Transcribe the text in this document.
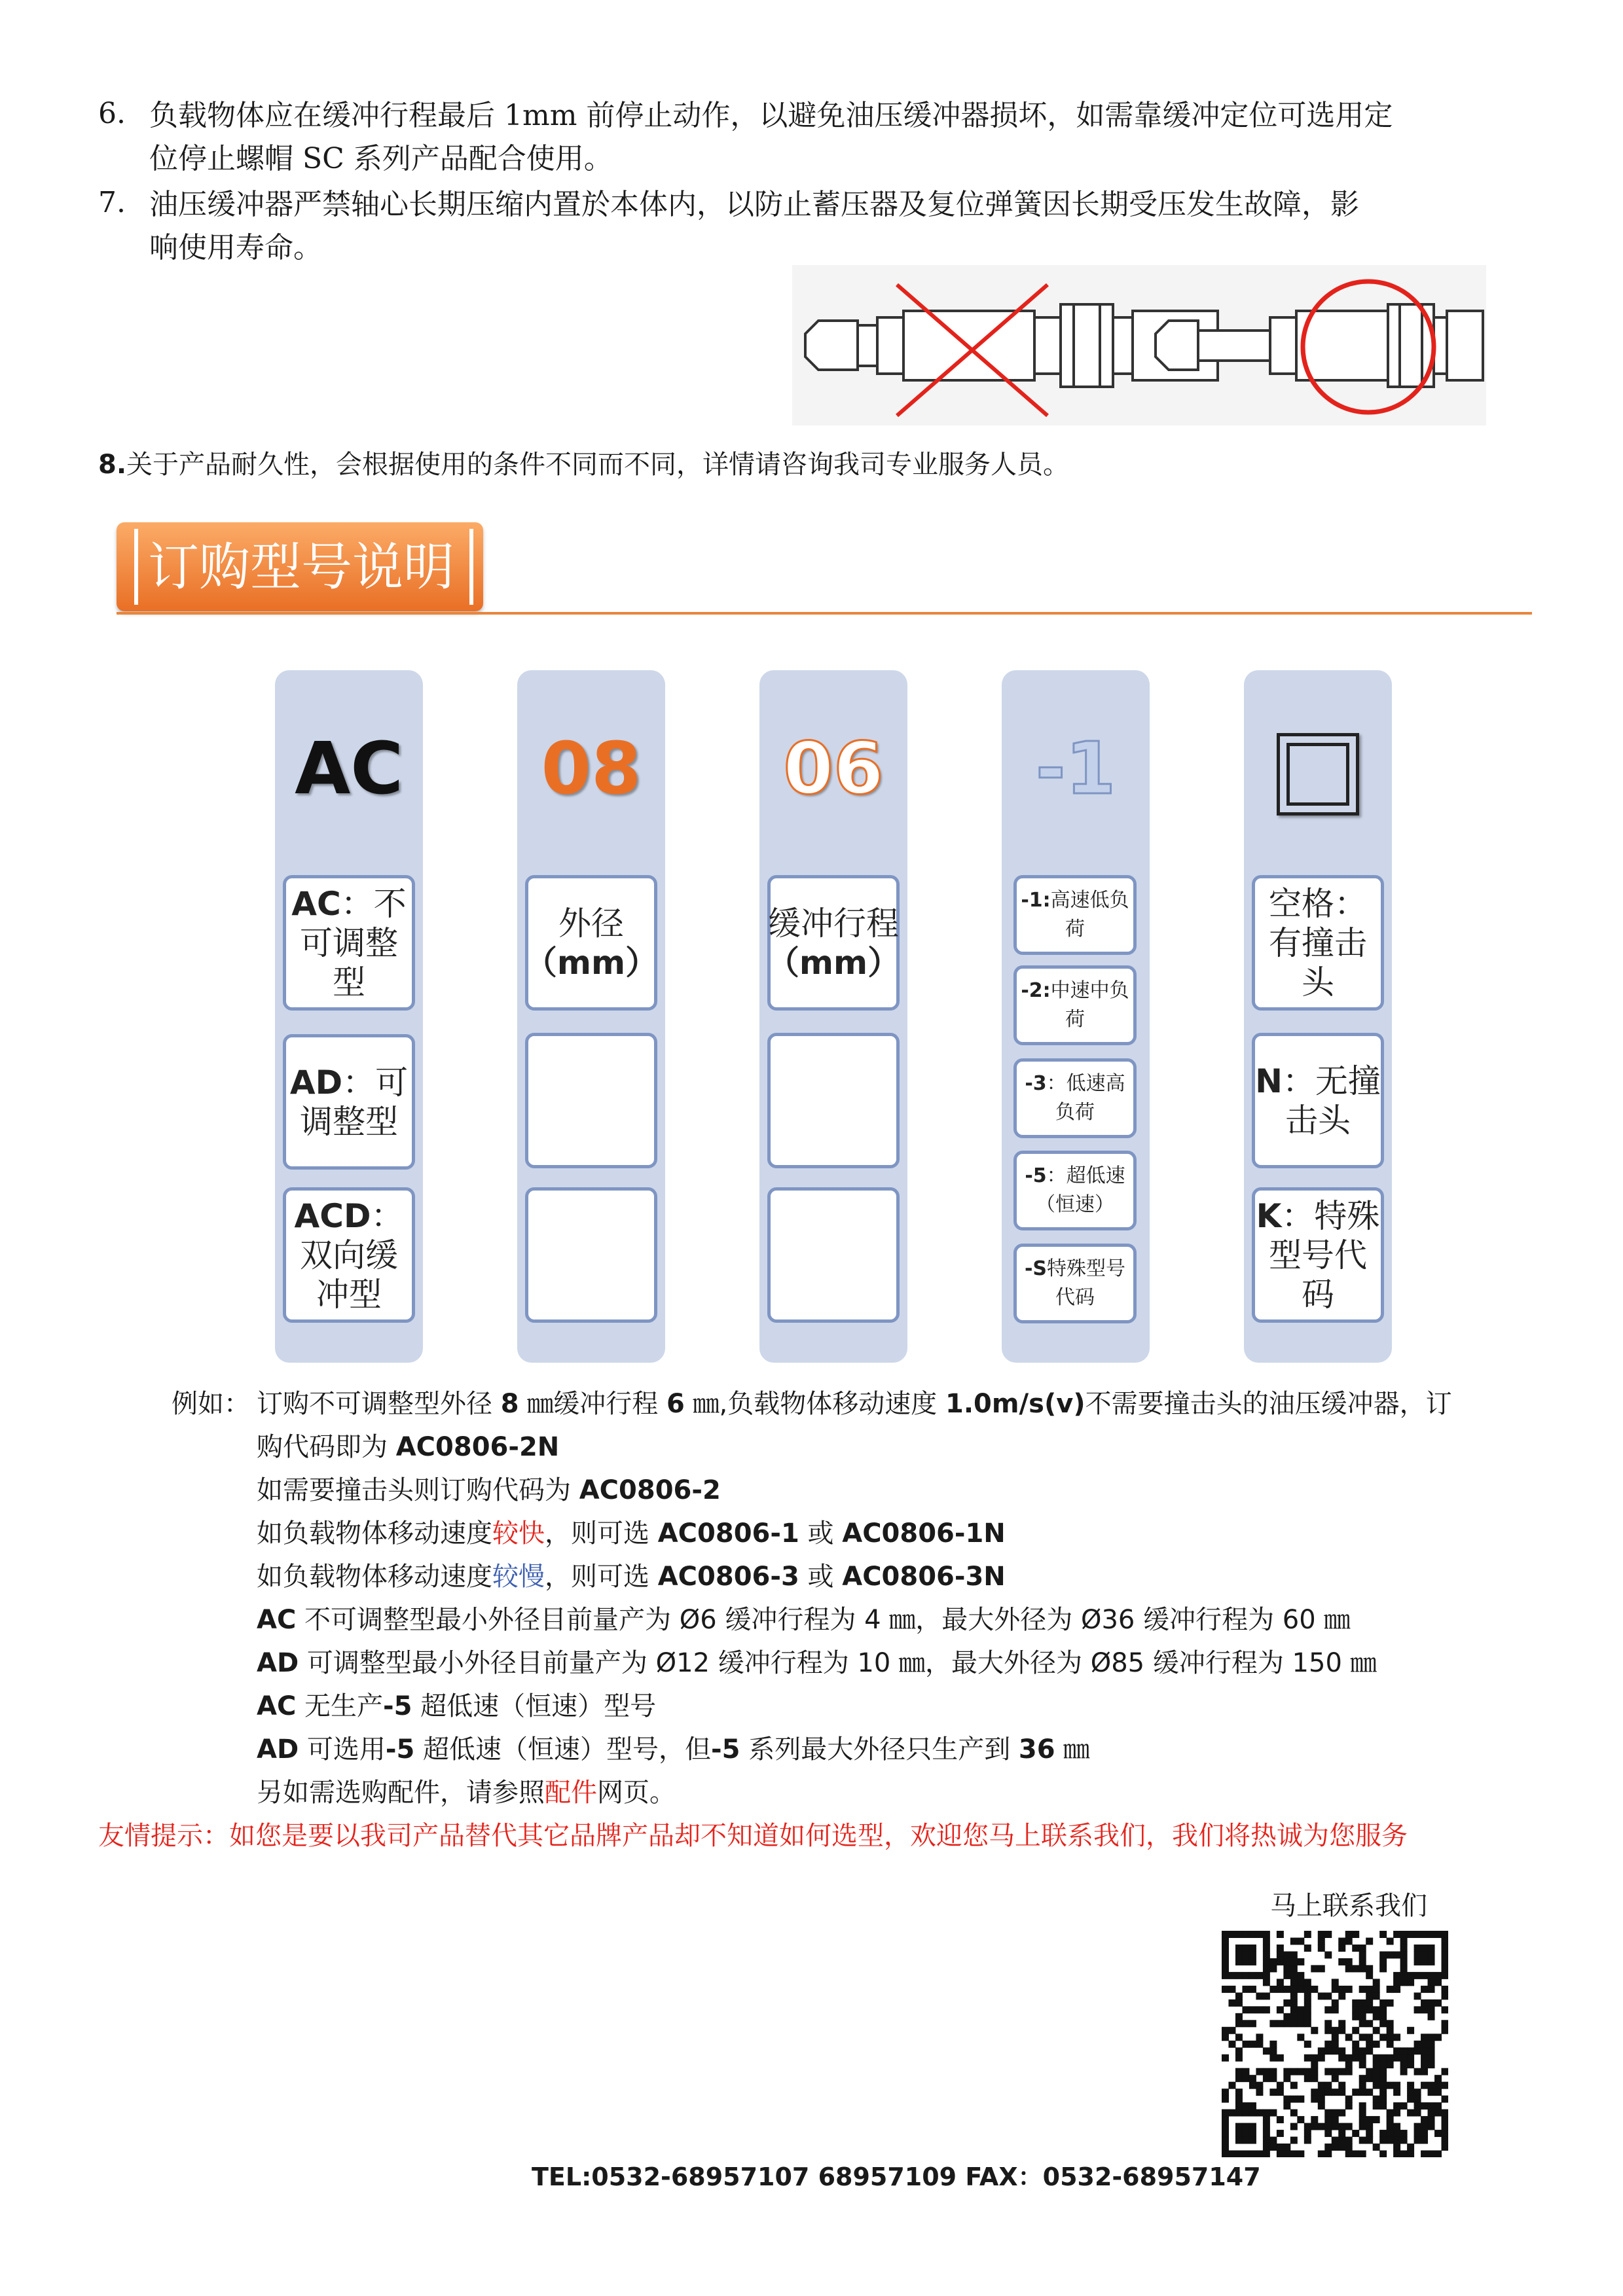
6. 负载物体应在缓冲行程最后 1mm 前停止动作，以避免油压缓冲器损坏，如需靠缓冲定位可选用定
位停止螺帽 SC 系列产品配合使用。
7. 油压缓冲器严禁轴心长期压缩内置於本体内，以防止蓄压器及复位弹簧因长期受压发生故障，影
响使用寿命。
8.关于产品耐久性，会根据使用的条件不同而不同，详情请咨询我司专业服务人员。
订购型号说明
AC
AC：不可调整型
AD：可调整型
ACD：双向缓冲型
08
外径
（mm）
06
缓冲行程
（mm）
-1
-1:高速低负荷
-2:中速中负荷
-3：低速高负荷
-5：超低速（恒速）
-S特殊型号代码
空格：有撞击头
N：无撞击头
K：特殊型号代码
例如： 订购不可调整型外径 8 ㎜缓冲行程 6 ㎜,负载物体移动速度 1.0m/s(v)不需要撞击头的油压缓冲器，订
购代码即为 AC0806-2N
如需要撞击头则订购代码为 AC0806-2
如负载物体移动速度较快，则可选 AC0806-1 或 AC0806-1N
如负载物体移动速度较慢，则可选 AC0806-3 或 AC0806-3N
AC 不可调整型最小外径目前量产为 Ø6 缓冲行程为 4 ㎜，最大外径为 Ø36 缓冲行程为 60 ㎜
AD 可调整型最小外径目前量产为 Ø12 缓冲行程为 10 ㎜，最大外径为 Ø85 缓冲行程为 150 ㎜
AC 无生产-5 超低速（恒速）型号
AD 可选用-5 超低速（恒速）型号，但-5 系列最大外径只生产到 36 ㎜
另如需选购配件，请参照配件网页。
友情提示：如您是要以我司产品替代其它品牌产品却不知道如何选型，欢迎您马上联系我们，我们将热诚为您服务
马上联系我们
TEL:0532-68957107 68957109 FAX：0532-68957147
